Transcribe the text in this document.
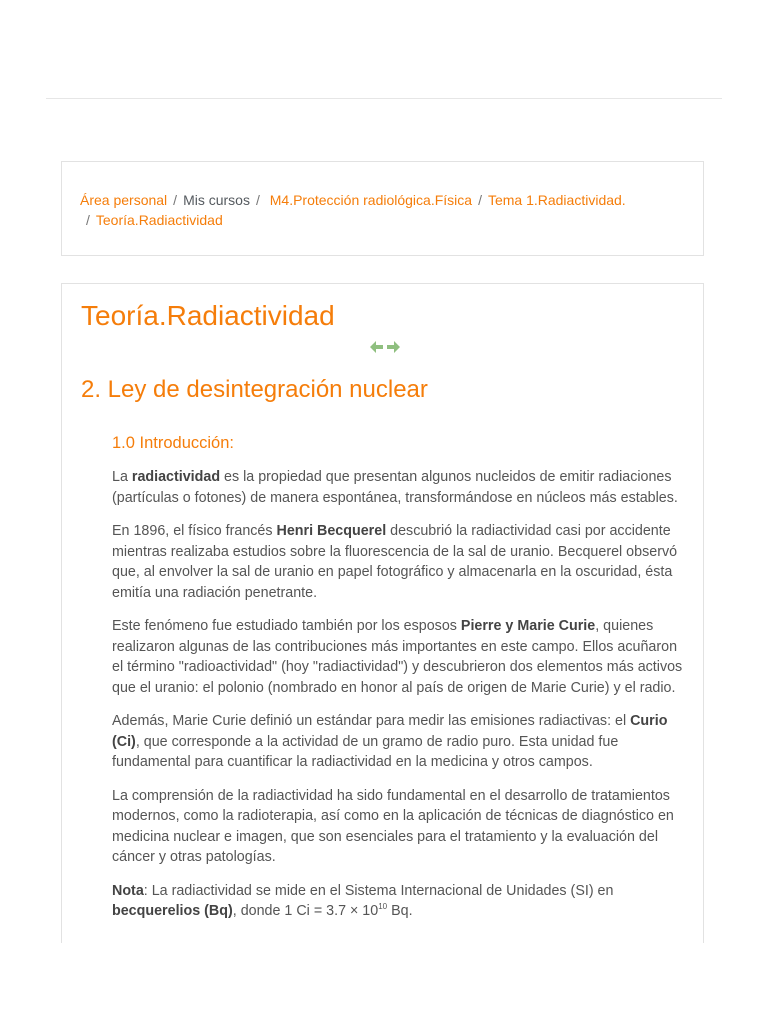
Área personal / Mis cursos / M4.Protección radiológica.Física / Tema 1.Radiactividad.
/ Teoría.Radiactividad
Teoría.Radiactividad
2. Ley de desintegración nuclear
1.0 Introducción:

La radiactividad es la propiedad que presentan algunos nucleidos de emitir radiaciones (partículas o fotones) de manera espontánea, transformándose en núcleos más estables.

En 1896, el físico francés Henri Becquerel descubrió la radiactividad casi por accidente mientras realizaba estudios sobre la fluorescencia de la sal de uranio. Becquerel observó que, al envolver la sal de uranio en papel fotográfico y almacenarla en la oscuridad, ésta emitía una radiación penetrante.

Este fenómeno fue estudiado también por los esposos Pierre y Marie Curie, quienes realizaron algunas de las contribuciones más importantes en este campo. Ellos acuñaron el término "radioactividad" (hoy "radiactividad") y descubrieron dos elementos más activos que el uranio: el polonio (nombrado en honor al país de origen de Marie Curie) y el radio.

Además, Marie Curie definió un estándar para medir las emisiones radiactivas: el Curio (Ci), que corresponde a la actividad de un gramo de radio puro. Esta unidad fue fundamental para cuantificar la radiactividad en la medicina y otros campos.

La comprensión de la radiactividad ha sido fundamental en el desarrollo de tratamientos modernos, como la radioterapia, así como en la aplicación de técnicas de diagnóstico en medicina nuclear e imagen, que son esenciales para el tratamiento y la evaluación del cáncer y otras patologías.

Nota: La radiactividad se mide en el Sistema Internacional de Unidades (SI) en becquerelios (Bq), donde 1 $Ci = 3.7 \times 10^{10}$ Bq.
